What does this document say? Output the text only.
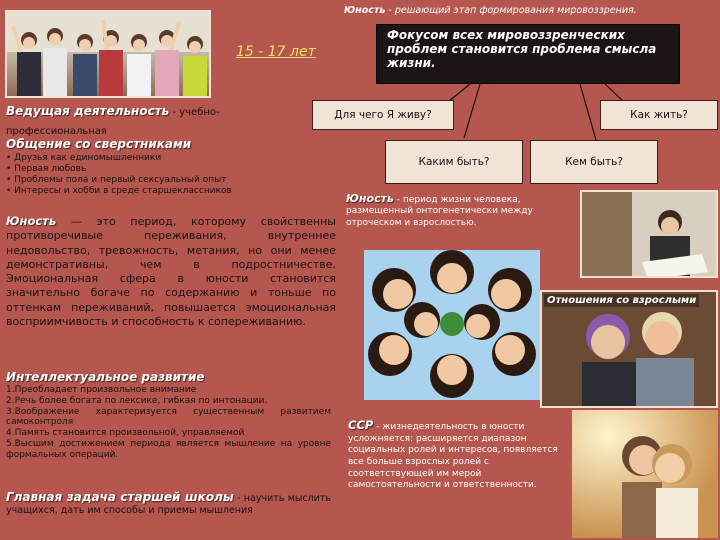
Юность - решающий этап формирования мировоззрения.
15 - 17 лет
Фокусом всех мировоззренческих проблем становится проблема смысла жизни.
Для чего Я живу?	Как жить?
Каким быть?	Кем быть?
Ведущая деятельность - учебно-профессиональная
Общение со сверстниками
• Друзья как единомышленники
• Первая любовь
• Проблемы пола и первый сексуальный опыт
• Интересы и хобби в среде старшеклассников
Юность — это период, которому свойственны противоречивые переживания, внутреннее недовольство, тревожность, метания, но они менее демонстративны, чем в подростничестве. Эмоциональная сфера в юности становится значительно богаче по содержанию и тоньше по оттенкам переживаний, повышается эмоциональная восприимчивость и способность к сопереживанию.
Интеллектуальное развитие
1.Преобладает произвольное внимание
2.Речь более богата по лексике, гибкая по интонации.
3.Воображение характеризуется существенным развитием самоконтроля
4.Память становится произвольной, управляемой
5.Высшим достижением периода является мышление на уровне формальных операций.
Главная задача старшей школы - научить мыслить учащихся, дать им способы и приемы мышления
Юность - период жизни человека, размещенный онтогенетически между отроческом и взрослостью.
Отношения со взрослыми
ССР - жизнедеятельность в юности усложняется: расширяется диапазон социальных ролей и интересов, появляется все больше взрослых ролей с соответствующей им мерой самостоятельности и ответственности.
